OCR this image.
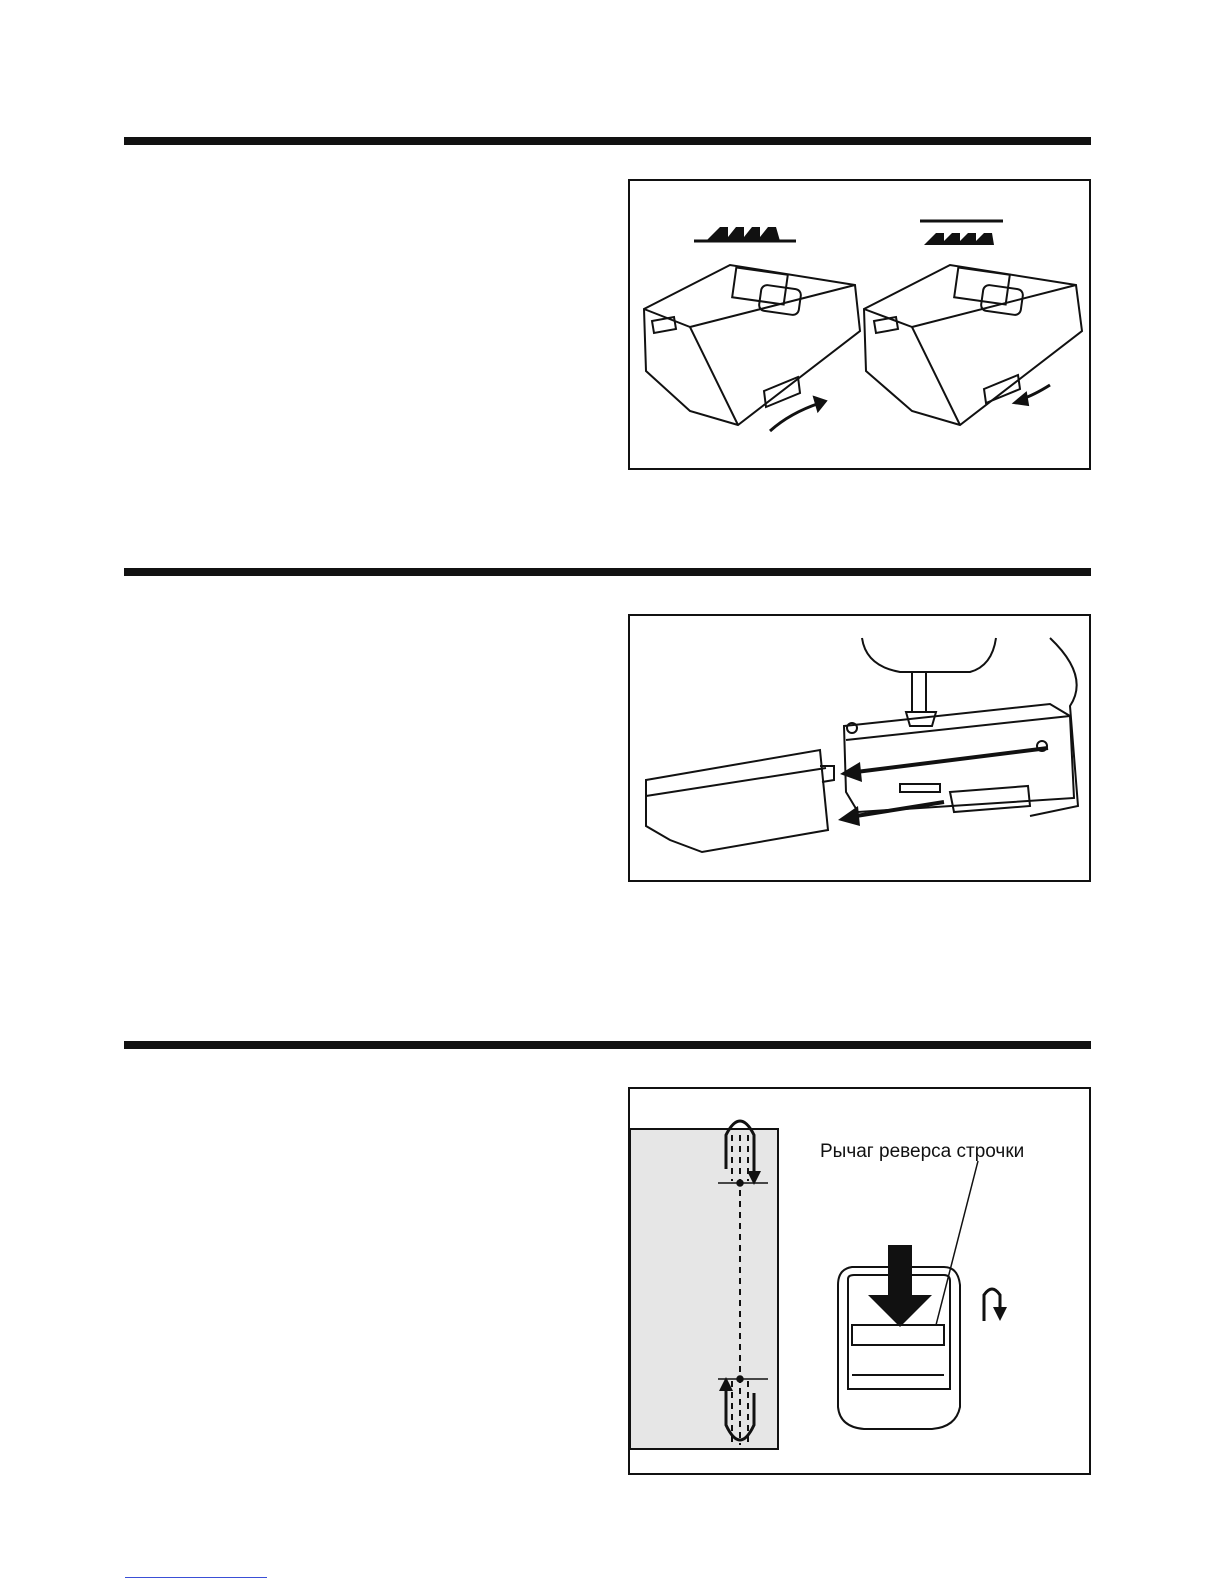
Рычаг реверса строчки
